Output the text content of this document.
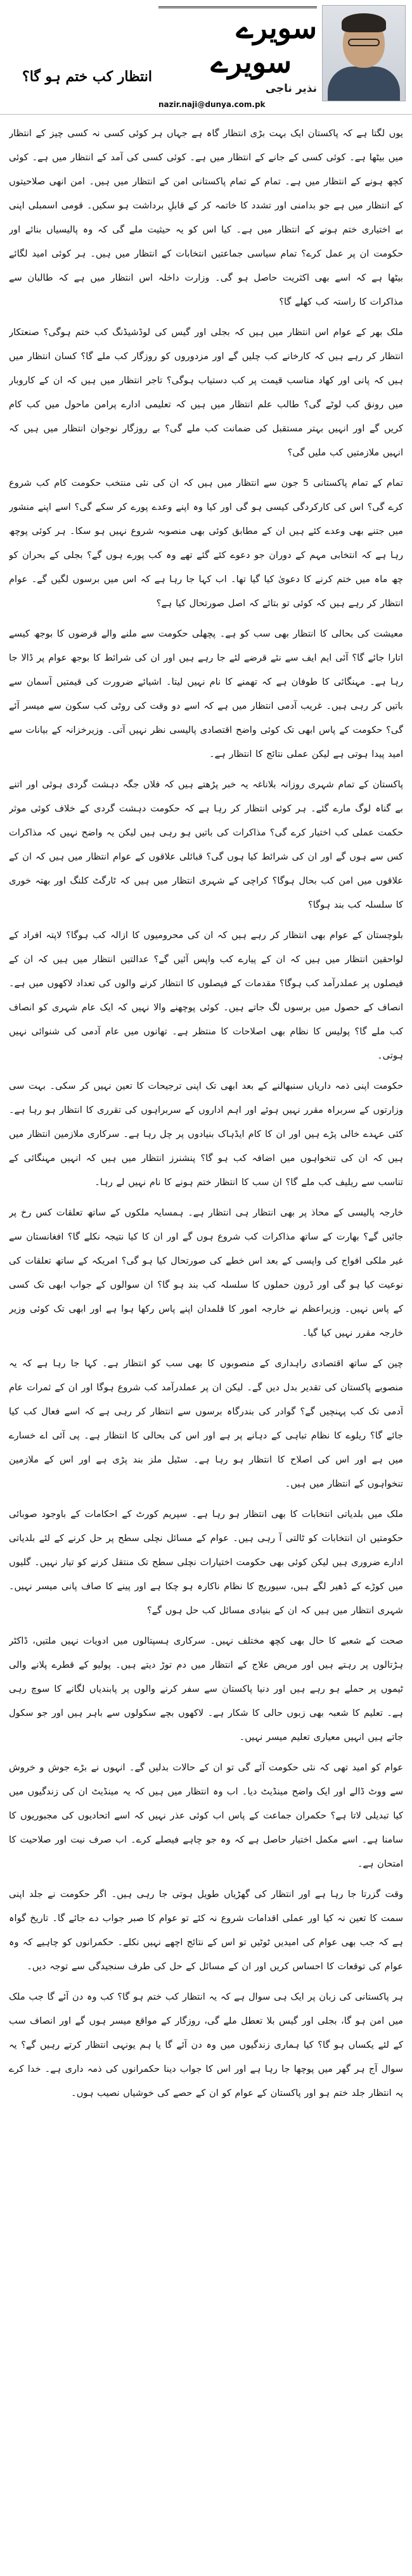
سویرے
سویرے
نذیر ناجی
nazir.naji@dunya.com.pk
انتظار کب ختم ہو گا؟

یوں لگتا ہے کہ پاکستان ایک بہت بڑی انتظار گاہ ہے جہاں ہر کوئی کسی نہ کسی چیز کے انتظار میں بیٹھا ہے۔ کوئی کسی کے جانے کے انتظار میں ہے۔ کوئی کسی کی آمد کے انتظار میں ہے۔ کوئی کچھ ہونے کے انتظار میں ہے۔ تمام کے تمام پاکستانی امن کے انتظار میں ہیں۔ امن انھی صلاحیتوں کے انتظار میں ہے جو بدامنی اور تشدد کا خاتمہ کر کے قابلِ برداشت ہو سکیں۔ قومی اسمبلی اپنی بے اختیاری ختم ہونے کے انتظار میں ہے۔ کیا اس کو یہ حیثیت ملے گی کہ وہ پالیسیاں بنائے اور حکومت ان پر عمل کرے؟ تمام سیاسی جماعتیں انتخابات کے انتظار میں ہیں۔ ہر کوئی امید لگائے بیٹھا ہے کہ اسے بھی اکثریت حاصل ہو گی۔ وزارت داخلہ اس انتظار میں ہے کہ طالبان سے مذاکرات کا راستہ کب کھلے گا؟

ملک بھر کے عوام اس انتظار میں ہیں کہ بجلی اور گیس کی لوڈشیڈنگ کب ختم ہوگی؟ صنعتکار انتظار کر رہے ہیں کہ کارخانے کب چلیں گے اور مزدوروں کو روزگار کب ملے گا؟ کسان انتظار میں ہیں کہ پانی اور کھاد مناسب قیمت پر کب دستیاب ہوگی؟ تاجر انتظار میں ہیں کہ ان کے کاروبار میں رونق کب لوٹے گی؟ طالب علم انتظار میں ہیں کہ تعلیمی ادارے پرامن ماحول میں کب کام کریں گے اور انہیں بہتر مستقبل کی ضمانت کب ملے گی؟ بے روزگار نوجوان انتظار میں ہیں کہ انہیں ملازمتیں کب ملیں گی؟

تمام کے تمام پاکستانی 5 جون سے انتظار میں ہیں کہ ان کی نئی منتخب حکومت کام کب شروع کرے گی؟ اس کی کارکردگی کیسی ہو گی اور کیا وہ اپنے وعدے پورے کر سکے گی؟ اسے اپنے منشور میں جتنے بھی وعدے کئے ہیں ان کے مطابق کوئی بھی منصوبہ شروع نہیں ہو سکا۔ ہر کوئی پوچھ رہا ہے کہ انتخابی مہم کے دوران جو دعوے کئے گئے تھے وہ کب پورے ہوں گے؟ بجلی کے بحران کو چھ ماہ میں ختم کرنے کا دعویٰ کیا گیا تھا۔ اب کہا جا رہا ہے کہ اس میں برسوں لگیں گے۔ عوام انتظار کر رہے ہیں کہ کوئی تو بتائے کہ اصل صورتحال کیا ہے؟

معیشت کی بحالی کا انتظار بھی سب کو ہے۔ پچھلی حکومت سے ملنے والے قرضوں کا بوجھ کیسے اتارا جائے گا؟ آئی ایم ایف سے نئے قرضے لئے جا رہے ہیں اور ان کی شرائط کا بوجھ عوام پر ڈالا جا رہا ہے۔ مہنگائی کا طوفان ہے کہ تھمنے کا نام نہیں لیتا۔ اشیائے ضرورت کی قیمتیں آسمان سے باتیں کر رہی ہیں۔ غریب آدمی انتظار میں ہے کہ اسے دو وقت کی روٹی کب سکون سے میسر آئے گی؟ حکومت کے پاس ابھی تک کوئی واضح اقتصادی پالیسی نظر نہیں آتی۔ وزیرخزانہ کے بیانات سے امید پیدا ہوتی ہے لیکن عملی نتائج کا انتظار ہے۔

پاکستان کے تمام شہری روزانہ بلاناغہ یہ خبر پڑھتے ہیں کہ فلاں جگہ دہشت گردی ہوئی اور اتنے بے گناہ لوگ مارے گئے۔ ہر کوئی انتظار کر رہا ہے کہ حکومت دہشت گردی کے خلاف کوئی موثر حکمت عملی کب اختیار کرے گی؟ مذاکرات کی باتیں ہو رہی ہیں لیکن یہ واضح نہیں کہ مذاکرات کس سے ہوں گے اور ان کی شرائط کیا ہوں گی؟ قبائلی علاقوں کے عوام انتظار میں ہیں کہ ان کے علاقوں میں امن کب بحال ہوگا؟ کراچی کے شہری انتظار میں ہیں کہ ٹارگٹ کلنگ اور بھتہ خوری کا سلسلہ کب بند ہوگا؟

بلوچستان کے عوام بھی انتظار کر رہے ہیں کہ ان کی محرومیوں کا ازالہ کب ہوگا؟ لاپتہ افراد کے لواحقین انتظار میں ہیں کہ ان کے پیارے کب واپس آئیں گے؟ عدالتیں انتظار میں ہیں کہ ان کے فیصلوں پر عملدرآمد کب ہوگا؟ مقدمات کے فیصلوں کا انتظار کرنے والوں کی تعداد لاکھوں میں ہے۔ انصاف کے حصول میں برسوں لگ جاتے ہیں۔ کوئی پوچھنے والا نہیں کہ ایک عام شہری کو انصاف کب ملے گا؟ پولیس کا نظام بھی اصلاحات کا منتظر ہے۔ تھانوں میں عام آدمی کی شنوائی نہیں ہوتی۔

حکومت اپنی ذمہ داریاں سنبھالنے کے بعد ابھی تک اپنی ترجیحات کا تعین نہیں کر سکی۔ بہت سی وزارتوں کے سربراہ مقرر نہیں ہوئے اور اہم اداروں کے سربراہوں کی تقرری کا انتظار ہو رہا ہے۔ کئی عہدے خالی پڑے ہیں اور ان کا کام ایڈہاک بنیادوں پر چل رہا ہے۔ سرکاری ملازمین انتظار میں ہیں کہ ان کی تنخواہوں میں اضافہ کب ہو گا؟ پنشنرز انتظار میں ہیں کہ انہیں مہنگائی کے تناسب سے ریلیف کب ملے گا؟ ان سب کا انتظار ختم ہونے کا نام نہیں لے رہا۔

خارجہ پالیسی کے محاذ پر بھی انتظار ہی انتظار ہے۔ ہمسایہ ملکوں کے ساتھ تعلقات کس رخ پر جائیں گے؟ بھارت کے ساتھ مذاکرات کب شروع ہوں گے اور ان کا کیا نتیجہ نکلے گا؟ افغانستان سے غیر ملکی افواج کی واپسی کے بعد اس خطے کی صورتحال کیا ہو گی؟ امریکہ کے ساتھ تعلقات کی نوعیت کیا ہو گی اور ڈرون حملوں کا سلسلہ کب بند ہو گا؟ ان سوالوں کے جواب ابھی تک کسی کے پاس نہیں۔ وزیراعظم نے خارجہ امور کا قلمدان اپنے پاس رکھا ہوا ہے اور ابھی تک کوئی وزیر خارجہ مقرر نہیں کیا گیا۔

چین کے ساتھ اقتصادی راہداری کے منصوبوں کا بھی سب کو انتظار ہے۔ کہا جا رہا ہے کہ یہ منصوبے پاکستان کی تقدیر بدل دیں گے۔ لیکن ان پر عملدرآمد کب شروع ہوگا اور ان کے ثمرات عام آدمی تک کب پہنچیں گے؟ گوادر کی بندرگاہ برسوں سے انتظار کر رہی ہے کہ اسے فعال کب کیا جائے گا؟ ریلوے کا نظام تباہی کے دہانے پر ہے اور اس کی بحالی کا انتظار ہے۔ پی آئی اے خسارے میں ہے اور اس کی اصلاح کا انتظار ہو رہا ہے۔ سٹیل ملز بند پڑی ہے اور اس کے ملازمین تنخواہوں کے انتظار میں ہیں۔

ملک میں بلدیاتی انتخابات کا بھی انتظار ہو رہا ہے۔ سپریم کورٹ کے احکامات کے باوجود صوبائی حکومتیں ان انتخابات کو ٹالتی آ رہی ہیں۔ عوام کے مسائل نچلی سطح پر حل کرنے کے لئے بلدیاتی ادارے ضروری ہیں لیکن کوئی بھی حکومت اختیارات نچلی سطح تک منتقل کرنے کو تیار نہیں۔ گلیوں میں کوڑے کے ڈھیر لگے ہیں، سیوریج کا نظام ناکارہ ہو چکا ہے اور پینے کا صاف پانی میسر نہیں۔ شہری انتظار میں ہیں کہ ان کے بنیادی مسائل کب حل ہوں گے؟

صحت کے شعبے کا حال بھی کچھ مختلف نہیں۔ سرکاری ہسپتالوں میں ادویات نہیں ملتیں، ڈاکٹر ہڑتالوں پر رہتے ہیں اور مریض علاج کے انتظار میں دم توڑ دیتے ہیں۔ پولیو کے قطرے پلانے والی ٹیموں پر حملے ہو رہے ہیں اور دنیا پاکستان سے سفر کرنے والوں پر پابندیاں لگانے کا سوچ رہی ہے۔ تعلیم کا شعبہ بھی زبوں حالی کا شکار ہے۔ لاکھوں بچے سکولوں سے باہر ہیں اور جو سکول جاتے ہیں انہیں معیاری تعلیم میسر نہیں۔

عوام کو امید تھی کہ نئی حکومت آئے گی تو ان کے حالات بدلیں گے۔ انہوں نے بڑے جوش و خروش سے ووٹ ڈالے اور ایک واضح مینڈیٹ دیا۔ اب وہ انتظار میں ہیں کہ یہ مینڈیٹ ان کی زندگیوں میں کیا تبدیلی لاتا ہے؟ حکمران جماعت کے پاس اب کوئی عذر نہیں کہ اسے اتحادیوں کی مجبوریوں کا سامنا ہے۔ اسے مکمل اختیار حاصل ہے کہ وہ جو چاہے فیصلے کرے۔ اب صرف نیت اور صلاحیت کا امتحان ہے۔

وقت گزرتا جا رہا ہے اور انتظار کی گھڑیاں طویل ہوتی جا رہی ہیں۔ اگر حکومت نے جلد اپنی سمت کا تعین نہ کیا اور عملی اقدامات شروع نہ کئے تو عوام کا صبر جواب دے جائے گا۔ تاریخ گواہ ہے کہ جب بھی عوام کی امیدیں ٹوٹیں تو اس کے نتائج اچھے نہیں نکلے۔ حکمرانوں کو چاہیے کہ وہ عوام کی توقعات کا احساس کریں اور ان کے مسائل کے حل کی طرف سنجیدگی سے توجہ دیں۔

ہر پاکستانی کی زبان پر ایک ہی سوال ہے کہ یہ انتظار کب ختم ہو گا؟ کب وہ دن آئے گا جب ملک میں امن ہو گا، بجلی اور گیس بلا تعطل ملے گی، روزگار کے مواقع میسر ہوں گے اور انصاف سب کے لئے یکساں ہو گا؟ کیا ہماری زندگیوں میں وہ دن آئے گا یا ہم یونہی انتظار کرتے رہیں گے؟ یہ سوال آج ہر گھر میں پوچھا جا رہا ہے اور اس کا جواب دینا حکمرانوں کی ذمہ داری ہے۔ خدا کرے یہ انتظار جلد ختم ہو اور پاکستان کے عوام کو ان کے حصے کی خوشیاں نصیب ہوں۔
